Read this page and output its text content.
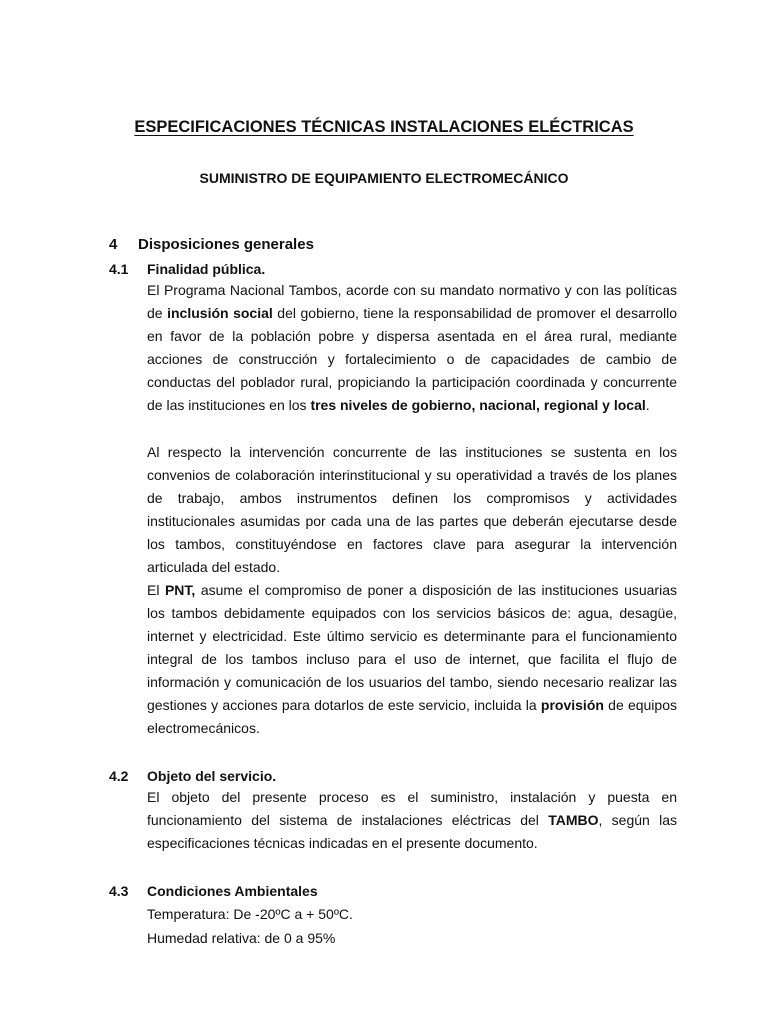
ESPECIFICACIONES TÉCNICAS INSTALACIONES ELÉCTRICAS
SUMINISTRO DE EQUIPAMIENTO ELECTROMECÁNICO
4 Disposiciones generales
4.1 Finalidad pública.

El Programa Nacional Tambos, acorde con su mandato normativo y con las políticas de inclusión social del gobierno, tiene la responsabilidad de promover el desarrollo en favor de la población pobre y dispersa asentada en el área rural, mediante acciones de construcción y fortalecimiento o de capacidades de cambio de conductas del poblador rural, propiciando la participación coordinada y concurrente de las instituciones en los tres niveles de gobierno, nacional, regional y local.

Al respecto la intervención concurrente de las instituciones se sustenta en los convenios de colaboración interinstitucional y su operatividad a través de los planes de trabajo, ambos instrumentos definen los compromisos y actividades institucionales asumidas por cada una de las partes que deberán ejecutarse desde los tambos, constituyéndose en factores clave para asegurar la intervención articulada del estado.

El PNT, asume el compromiso de poner a disposición de las instituciones usuarias los tambos debidamente equipados con los servicios básicos de: agua, desagüe, internet y electricidad. Este último servicio es determinante para el funcionamiento integral de los tambos incluso para el uso de internet, que facilita el flujo de información y comunicación de los usuarios del tambo, siendo necesario realizar las gestiones y acciones para dotarlos de este servicio, incluida la provisión de equipos electromecánicos.

4.2 Objeto del servicio.

El objeto del presente proceso es el suministro, instalación y puesta en funcionamiento del sistema de instalaciones eléctricas del TAMBO, según las especificaciones técnicas indicadas en el presente documento.

4.3 Condiciones Ambientales
Temperatura: De -20ºC a + 50ºC.
Humedad relativa: de 0 a 95%
